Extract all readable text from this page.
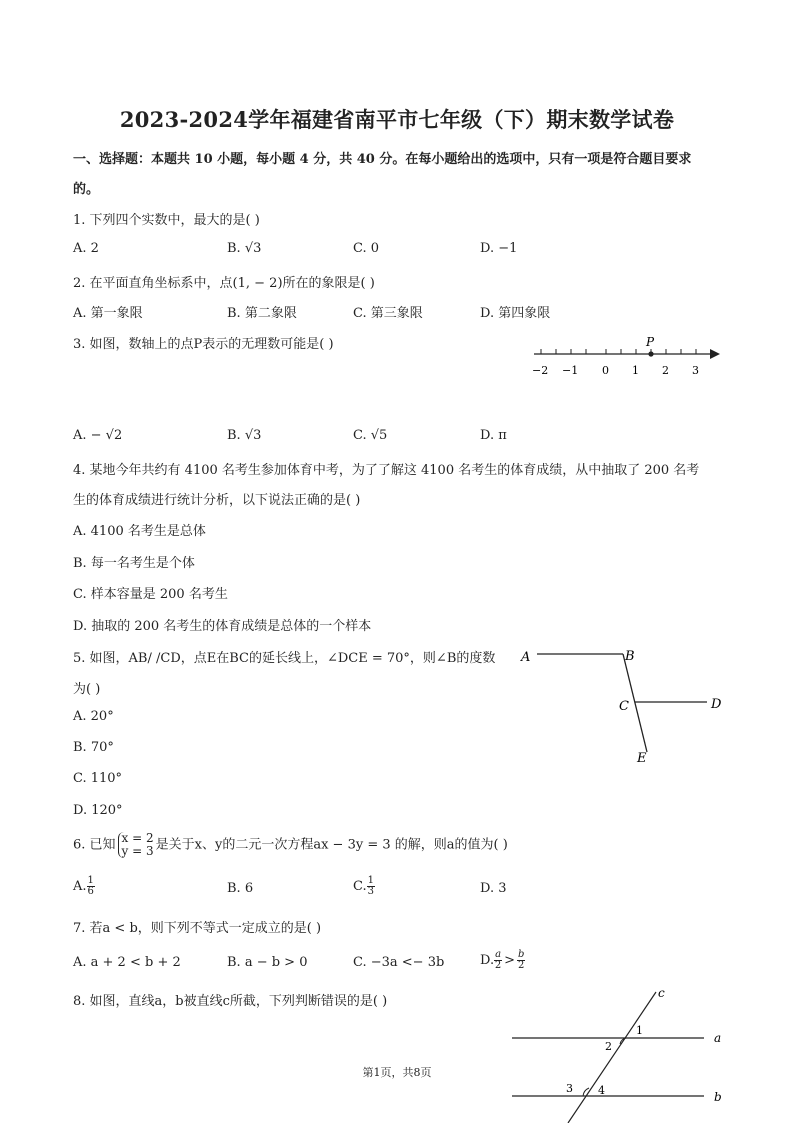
2023-2024学年福建省南平市七年级（下）期末数学试卷
一、选择题：本题共 10 小题，每小题 4 分，共 40 分。在每小题给出的选项中，只有一项是符合题目要求
的。
1. 下列四个实数中，最大的是( )
A. 2	B. √3	C. 0	D. −1
2. 在平面直角坐标系中，点(1, − 2)所在的象限是( )
A. 第一象限	B. 第二象限	C. 第三象限	D. 第四象限
3. 如图，数轴上的点P表示的无理数可能是( )	P
−2 −1 0 1 2 3
A. − √2	B. √3	C. √5	D. π
4. 某地今年共约有 4100 名考生参加体育中考，为了了解这 4100 名考生的体育成绩，从中抽取了 200 名考
生的体育成绩进行统计分析，以下说法正确的是( )
A. 4100 名考生是总体
B. 每一名考生是个体
C. 样本容量是 200 名考生
D. 抽取的 200 名考生的体育成绩是总体的一个样本
5. 如图，AB/ /CD，点E在BC的延长线上，∠DCE = 70°，则∠B的度数
为( )
A. 20°
B. 70°
C. 110°
D. 120°
A	B
C	D
E
6. 已知 x = 2
y = 3 是关于x、y的二元一次方程ax − 3y = 3 的解，则a的值为( )
A. $\frac{1}{6}$	B. 6	C. $\frac{1}{3}$	D. 3
7. 若a < b，则下列不等式一定成立的是( )
A. a + 2 < b + 2	B. a − b > 0	C. −3a <− 3b	D. $\frac{a}{2} > \frac{b}{2}$
8. 如图，直线a，b被直线c所截，下列判断错误的是( )
c
a
b
1
2
3 4
第1页，共8页
